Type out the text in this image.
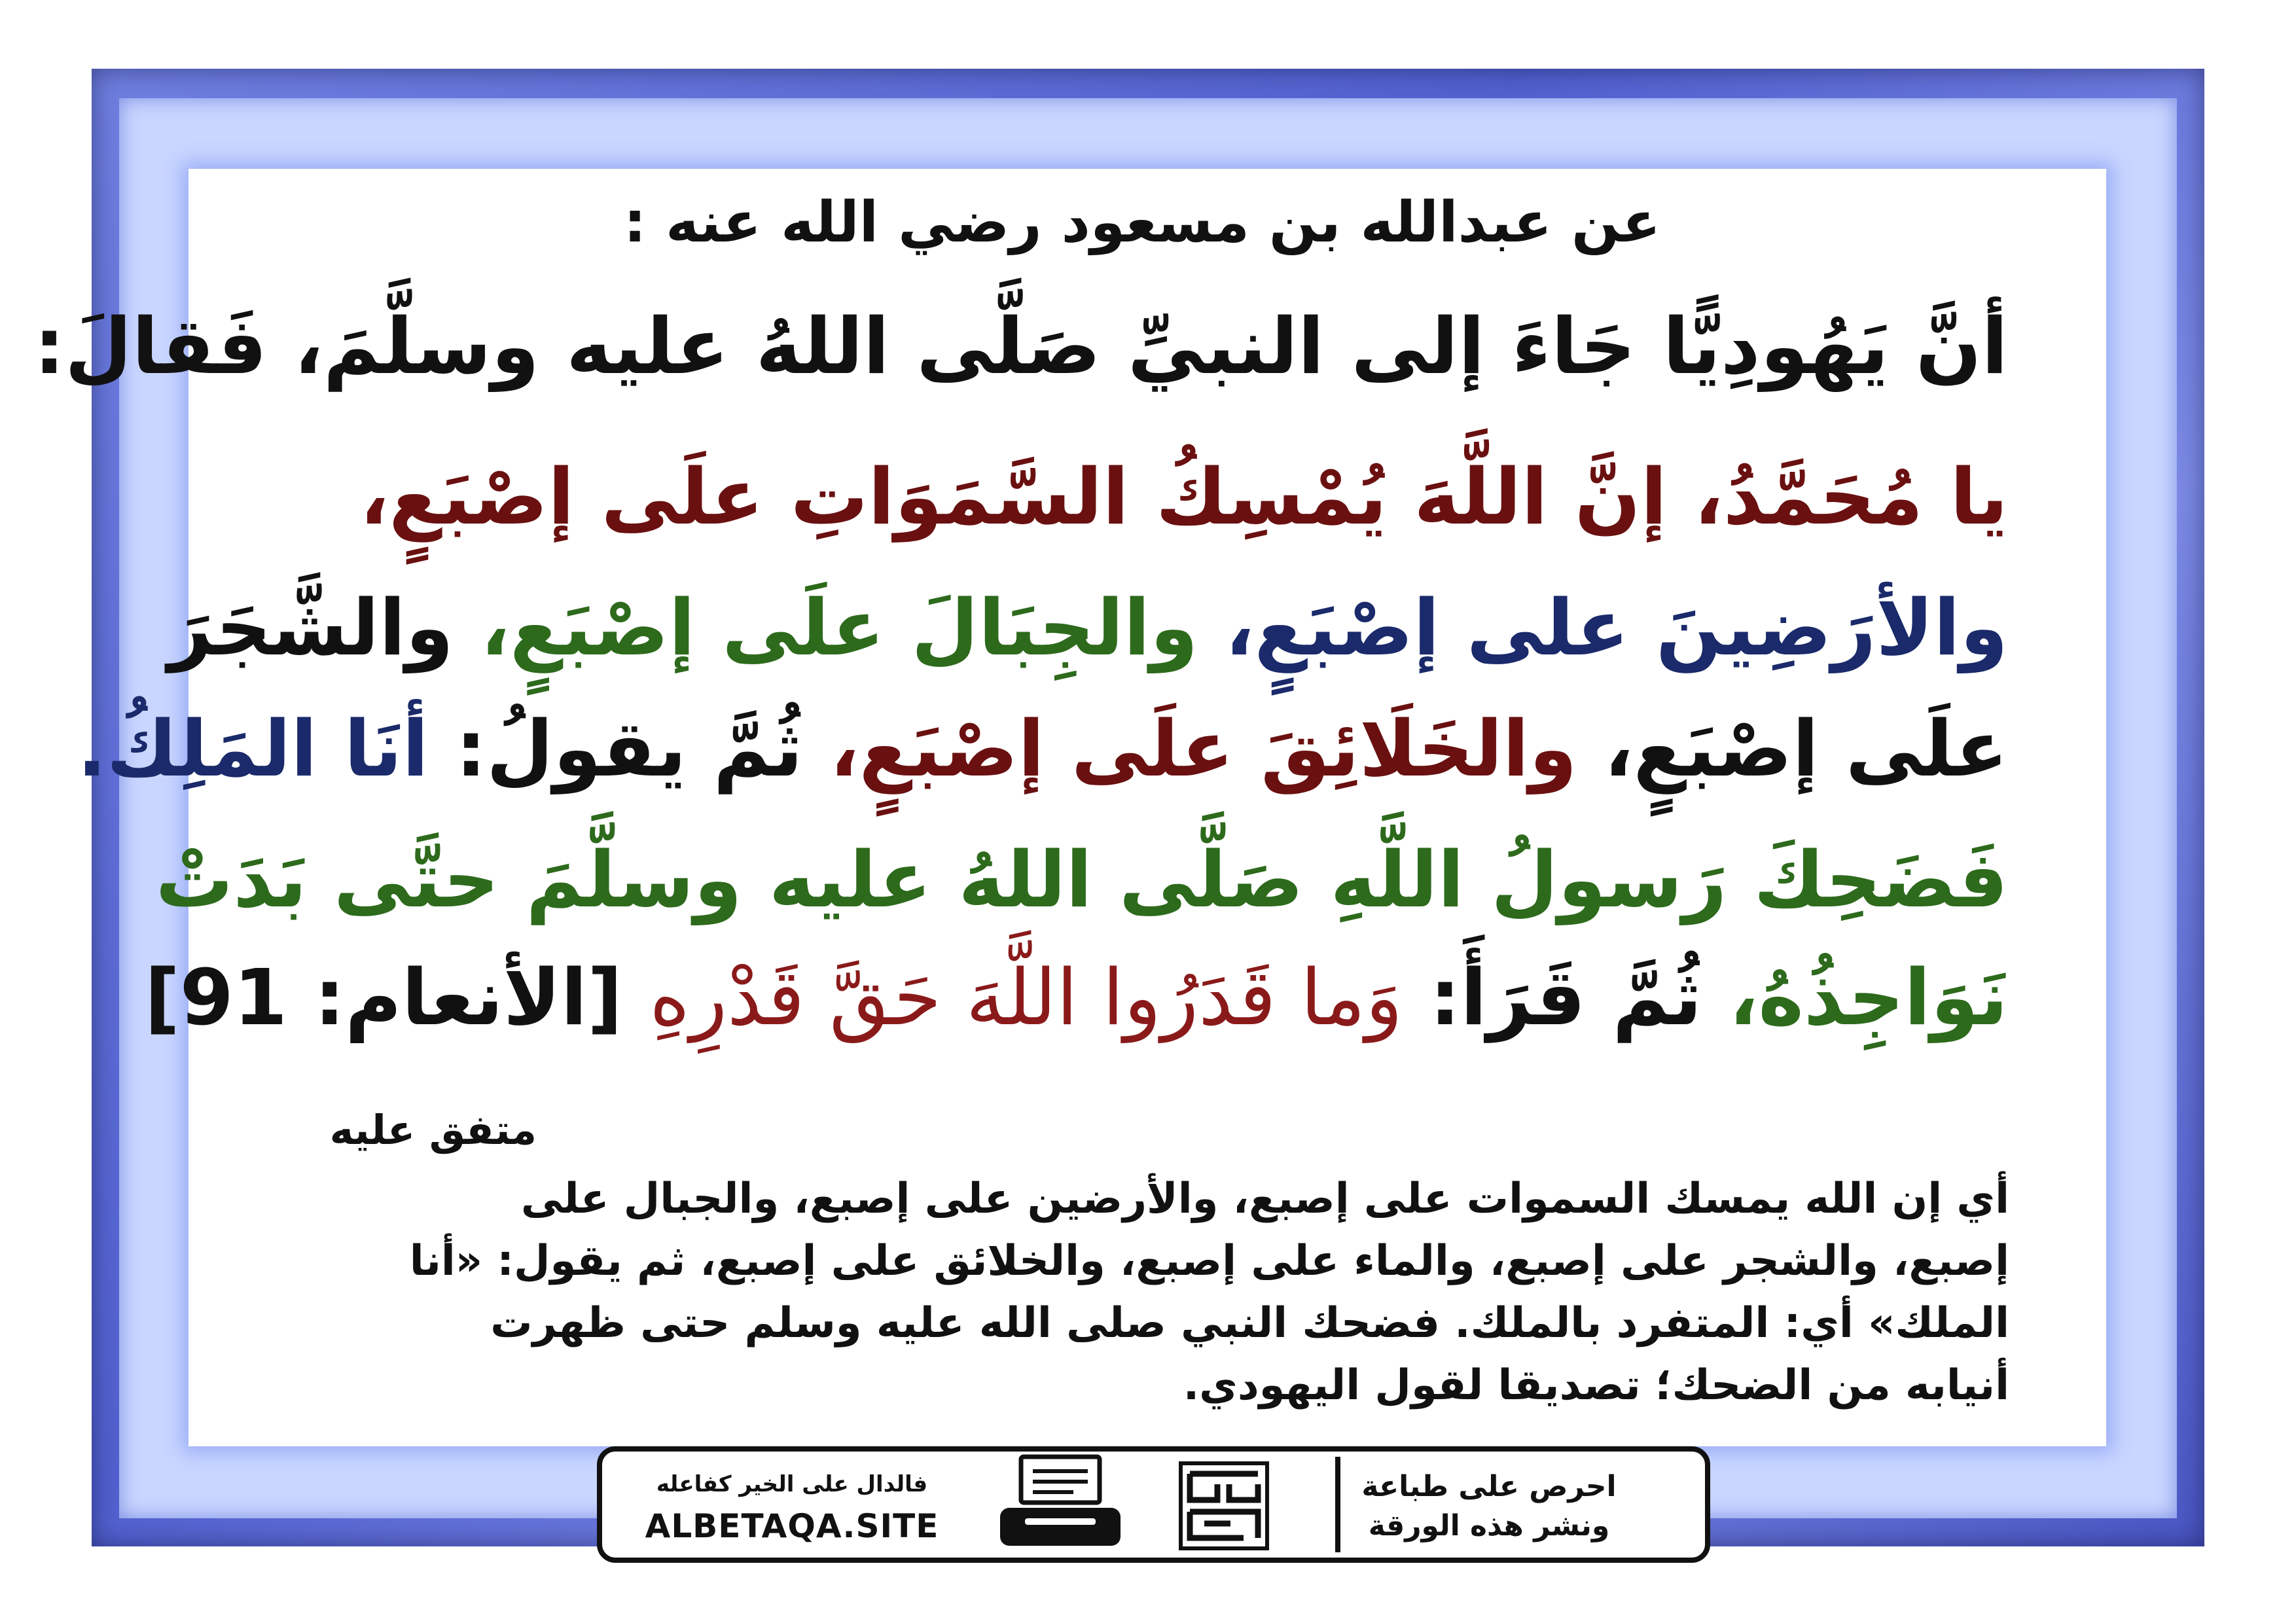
عن عبدالله بن مسعود رضي الله عنه :
أنَّ يَهُودِيًّا جَاءَ إلى النبيِّ صَلَّى اللهُ عليه وسلَّمَ، فَقالَ:
يا مُحَمَّدُ، إنَّ اللَّهَ يُمْسِكُ السَّمَوَاتِ علَى إصْبَعٍ،
والأرَضِينَ على إصْبَعٍ، والجِبَالَ علَى إصْبَعٍ، والشَّجَرَ
علَى إصْبَعٍ، والخَلَائِقَ علَى إصْبَعٍ، ثُمَّ يقولُ: أنَا المَلِكُ.
فَضَحِكَ رَسولُ اللَّهِ صَلَّى اللهُ عليه وسلَّمَ حتَّى بَدَتْ
نَوَاجِذُهُ، ثُمَّ قَرَأَ: وَما قَدَرُوا اللَّهَ حَقَّ قَدْرِهِ [الأنعام: 91]
متفق عليه
أي إن الله يمسك السموات على إصبع، والأرضين على إصبع، والجبال على
إصبع، والشجر على إصبع، والماء على إصبع، والخلائق على إصبع، ثم يقول: «أنا
الملك» أي: المتفرد بالملك. فضحك النبي صلى الله عليه وسلم حتى ظهرت
أنيابه من الضحك؛ تصديقا لقول اليهودي.
فالدال على الخير كفاعله
ALBETAQA.SITE
احرص على طباعة
ونشر هذه الورقة
